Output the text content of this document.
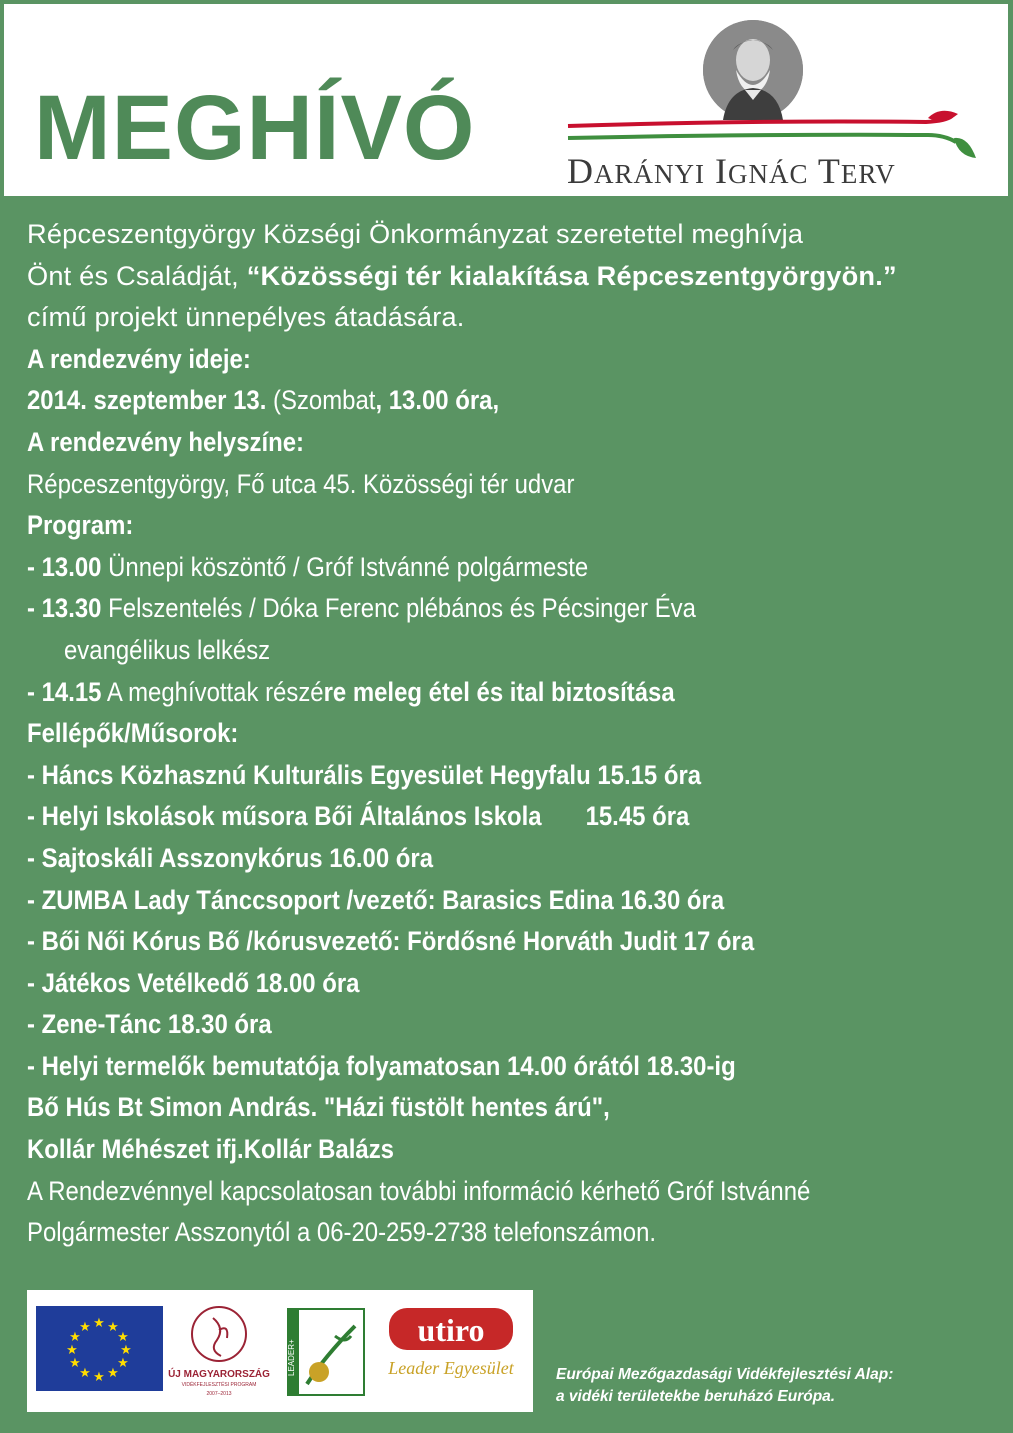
MEGHÍVÓ	DARÁNYI IGNÁC TERV
Répceszentgyörgy Községi Önkormányzat szeretettel meghívja
Önt és Családját, “Közösségi tér kialakítása Répceszentgyörgyön.”
című projekt ünnepélyes átadására.
A rendezvény ideje:
2014. szeptember 13. (Szombat, 13.00 óra,
A rendezvény helyszíne:
Répceszentgyörgy, Fő utca 45. Közösségi tér udvar
Program:
- 13.00 Ünnepi köszöntő / Gróf Istvánné polgármeste
- 13.30 Felszentelés / Dóka Ferenc plébános és Pécsinger Éva
evangélikus lelkész
- 14.15 A meghívottak részére meleg étel és ital biztosítása
Fellépők/Műsorok:
- Háncs Közhasznú Kulturális Egyesület Hegyfalu 15.15 óra
- Helyi Iskolások műsora Bői Általános Iskola 15.45 óra
- Sajtoskáli Asszonykórus 16.00 óra
- ZUMBA Lady Tánccsoport /vezető: Barasics Edina 16.30 óra
- Bői Női Kórus Bő /kórusvezető: Fördősné Horváth Judit 17 óra
- Játékos Vetélkedő 18.00 óra
- Zene-Tánc 18.30 óra
- Helyi termelők bemutatója folyamatosan 14.00 órától 18.30-ig
Bő Hús Bt Simon András. "Házi füstölt hentes árú",
Kollár Méhészet ifj.Kollár Balázs
A Rendezvénnyel kapcsolatosan további információ kérhető Gróf Istvánné
Polgármester Asszonytól a 06-20-259-2738 telefonszámon.
★ ★
★
★
★
★
★
★
★
★
★
★
ÚJ MAGYARORSZÁG
VIDÉKFEJLESZTÉSI PROGRAM
2007–2013
LEADER+
utiro
Leader Egyesület	Európai Mezőgazdasági Vidékfejlesztési Alap:
a vidéki területekbe beruházó Európa.
